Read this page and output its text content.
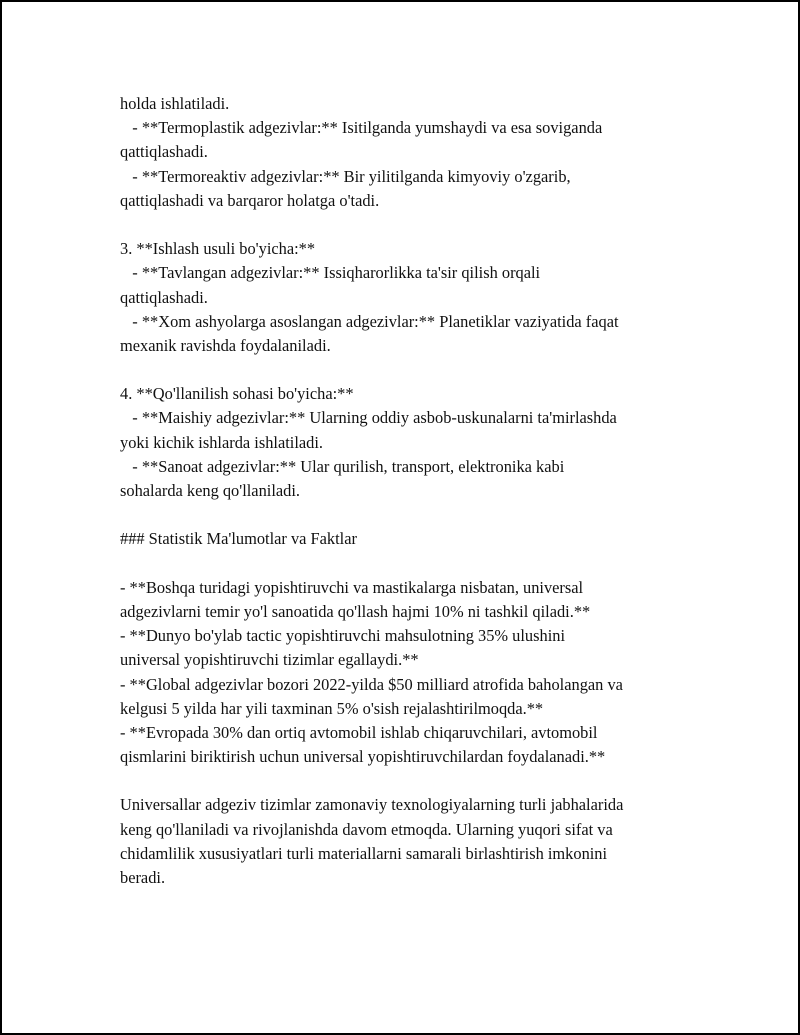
holda ishlatiladi.
- **Termoplastik adgezivlar:** Isitilganda yumshaydi va esa soviganda
qattiqlashadi.
- **Termoreaktiv adgezivlar:** Bir yilitilganda kimyoviy o'zgarib,
qattiqlashadi va barqaror holatga o'tadi.
3. **Ishlash usuli bo'yicha:**
- **Tavlangan adgezivlar:** Issiqharorlikka ta'sir qilish orqali
qattiqlashadi.
- **Xom ashyolarga asoslangan adgezivlar:** Planetiklar vaziyatida faqat
mexanik ravishda foydalaniladi.
4. **Qo'llanilish sohasi bo'yicha:**
- **Maishiy adgezivlar:** Ularning oddiy asbob-uskunalarni ta'mirlashda
yoki kichik ishlarda ishlatiladi.
- **Sanoat adgezivlar:** Ular qurilish, transport, elektronika kabi
sohalarda keng qo'llaniladi.
### Statistik Ma'lumotlar va Faktlar
- **Boshqa turidagi yopishtiruvchi va mastikalarga nisbatan, universal
adgezivlarni temir yo'l sanoatida qo'llash hajmi 10% ni tashkil qiladi.**
- **Dunyo bo'ylab tactic yopishtiruvchi mahsulotning 35% ulushini
universal yopishtiruvchi tizimlar egallaydi.**
- **Global adgezivlar bozori 2022-yilda $50 milliard atrofida baholangan va
kelgusi 5 yilda har yili taxminan 5% o'sish rejalashtirilmoqda.**
- **Evropada 30% dan ortiq avtomobil ishlab chiqaruvchilari, avtomobil
qismlarini biriktirish uchun universal yopishtiruvchilardan foydalanadi.**
Universallar adgeziv tizimlar zamonaviy texnologiyalarning turli jabhalarida
keng qo'llaniladi va rivojlanishda davom etmoqda. Ularning yuqori sifat va
chidamlilik xususiyatlari turli materiallarni samarali birlashtirish imkonini
beradi.
